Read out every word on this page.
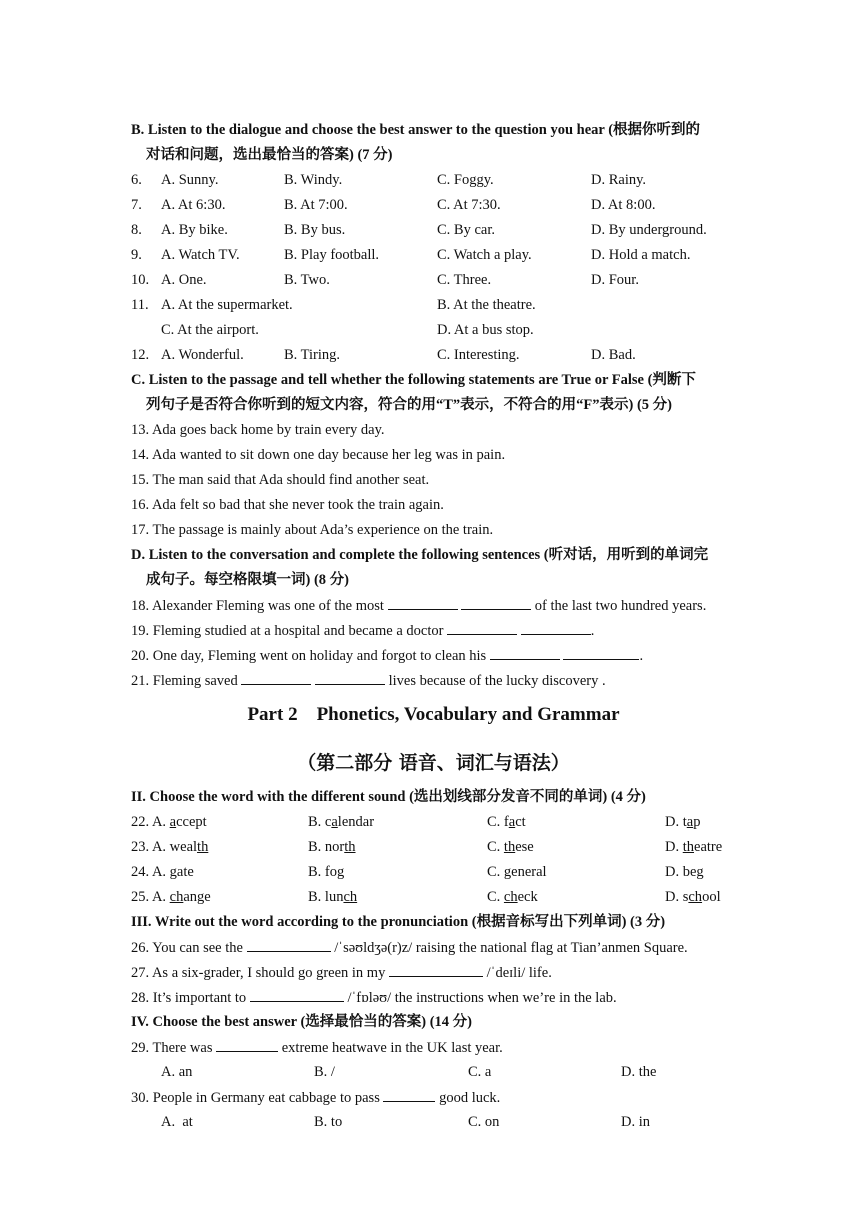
B. Listen to the dialogue and choose the best answer to the question you hear (根据你听到的
对话和问题，选出最恰当的答案) (7 分)
6. A. Sunny.	B. Windy.	C. Foggy.	D. Rainy.
7. A. At 6:30.	B. At 7:00.	C. At 7:30.	D. At 8:00.
8. A. By bike.	B. By bus.	C. By car.	D. By underground.
9. A. Watch TV.	B. Play football.	C. Watch a play.	D. Hold a match.
10. A. One.	B. Two.	C. Three.	D. Four.
11. A. At the supermarket.	B. At the theatre.
C. At the airport.	D. At a bus stop.
12. A. Wonderful.	B. Tiring.	C. Interesting.	D. Bad.
C. Listen to the passage and tell whether the following statements are True or False (判断下
列句子是否符合你听到的短文内容，符合的用“T”表示，不符合的用“F”表示) (5 分)
13. Ada goes back home by train every day.
14. Ada wanted to sit down one day because her leg was in pain.
15. The man said that Ada should find another seat.
16. Ada felt so bad that she never took the train again.
17. The passage is mainly about Ada’s experience on the train.
D. Listen to the conversation and complete the following sentences (听对话，用听到的单词完
成句子。每空格限填一词) (8 分)
18. Alexander Fleming was one of the most	of the last two hundred years.
19. Fleming studied at a hospital and became a doctor	.
20. One day, Fleming went on holiday and forgot to clean his	.
21. Fleming saved	lives because of the lucky discovery .
Part 2    Phonetics, Vocabulary and Grammar
（第二部分 语音、词汇与语法）
II. Choose the word with the different sound (选出划线部分发音不同的单词) (4 分)
22. A. accept	B. calendar	C. fact	D. tap
23. A. wealth	B. north	C. these	D. theatre
24. A. gate	B. fog	C. general	D. beg
25. A. change	B. lunch	C. check	D. school
III. Write out the word according to the pronunciation (根据音标写出下列单词) (3 分)
26. You can see the	/ˈsəʊldʒə(r)z/ raising the national flag at Tian’anmen Square.
27. As a six-grader, I should go green in my	/ˈdeɪli/ life.
28. It’s important to	/ˈfɒləʊ/ the instructions when we’re in the lab.
IV. Choose the best answer (选择最恰当的答案) (14 分)
29. There was	extreme heatwave in the UK last year.
A. an	B. /	C. a	D. the
30. People in Germany eat cabbage to pass	good luck.
A.  at	B. to	C. on	D. in
